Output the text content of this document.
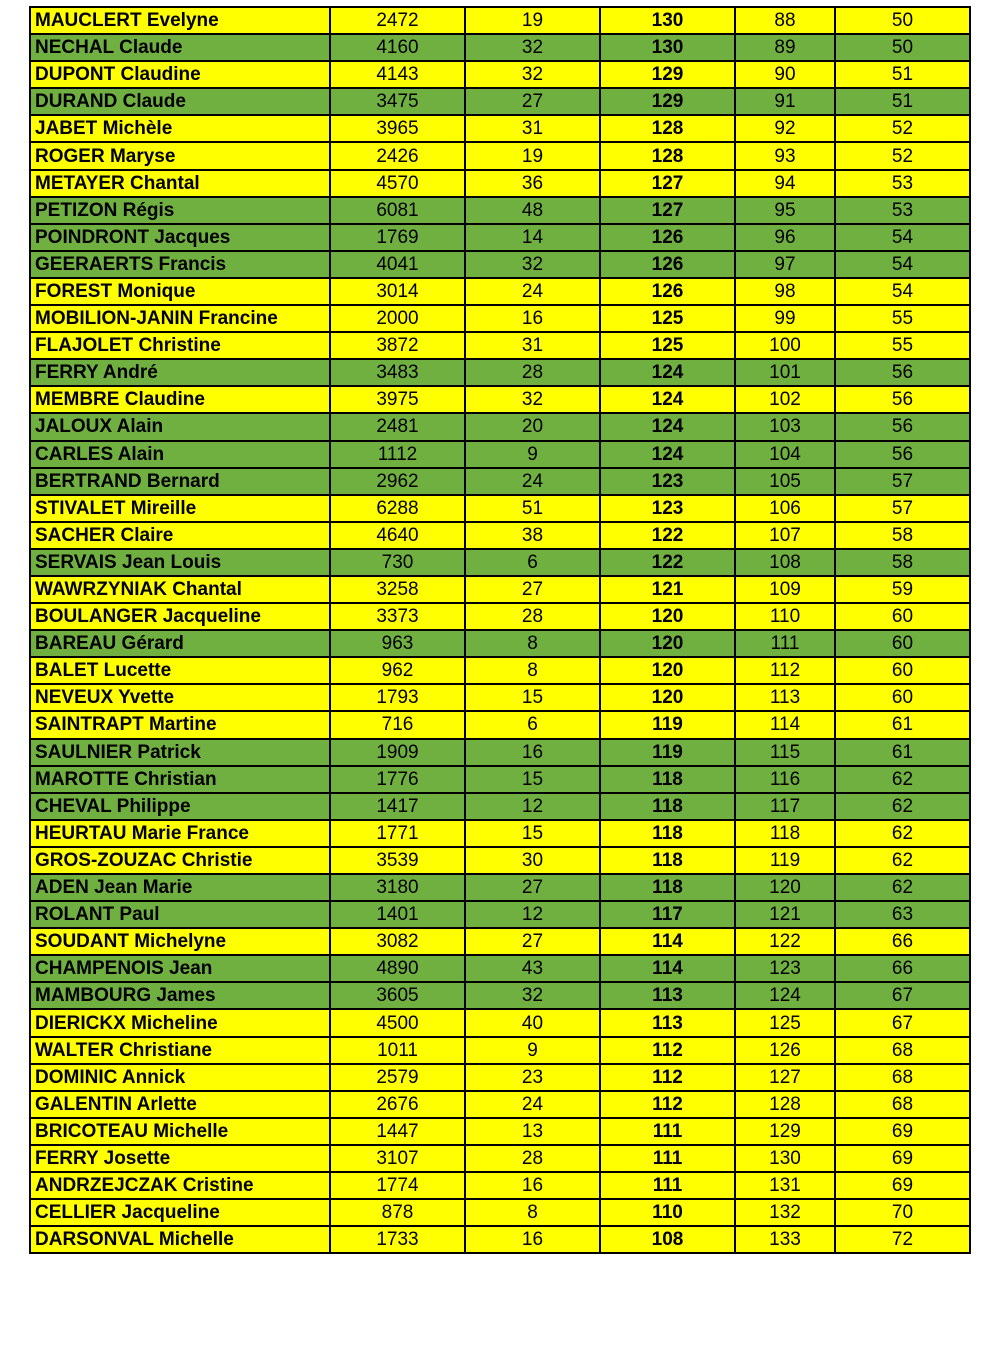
MAUCLERT Evelyne	2472	19	130	88	50
NECHAL Claude	4160	32	130	89	50
DUPONT Claudine	4143	32	129	90	51
DURAND Claude	3475	27	129	91	51
JABET Michèle	3965	31	128	92	52
ROGER Maryse	2426	19	128	93	52
METAYER Chantal	4570	36	127	94	53
PETIZON Régis	6081	48	127	95	53
POINDRONT Jacques	1769	14	126	96	54
GEERAERTS Francis	4041	32	126	97	54
FOREST Monique	3014	24	126	98	54
MOBILION-JANIN Francine	2000	16	125	99	55
FLAJOLET Christine	3872	31	125	100	55
FERRY André	3483	28	124	101	56
MEMBRE Claudine	3975	32	124	102	56
JALOUX Alain	2481	20	124	103	56
CARLES Alain	1112	9	124	104	56
BERTRAND Bernard	2962	24	123	105	57
STIVALET Mireille	6288	51	123	106	57
SACHER Claire	4640	38	122	107	58
SERVAIS Jean Louis	730	6	122	108	58
WAWRZYNIAK Chantal	3258	27	121	109	59
BOULANGER Jacqueline	3373	28	120	110	60
BAREAU Gérard	963	8	120	111	60
BALET Lucette	962	8	120	112	60
NEVEUX Yvette	1793	15	120	113	60
SAINTRAPT Martine	716	6	119	114	61
SAULNIER Patrick	1909	16	119	115	61
MAROTTE Christian	1776	15	118	116	62
CHEVAL Philippe	1417	12	118	117	62
HEURTAU Marie France	1771	15	118	118	62
GROS-ZOUZAC Christie	3539	30	118	119	62
ADEN Jean Marie	3180	27	118	120	62
ROLANT Paul	1401	12	117	121	63
SOUDANT Michelyne	3082	27	114	122	66
CHAMPENOIS Jean	4890	43	114	123	66
MAMBOURG James	3605	32	113	124	67
DIERICKX Micheline	4500	40	113	125	67
WALTER Christiane	1011	9	112	126	68
DOMINIC Annick	2579	23	112	127	68
GALENTIN Arlette	2676	24	112	128	68
BRICOTEAU Michelle	1447	13	111	129	69
FERRY Josette	3107	28	111	130	69
ANDRZEJCZAK Cristine	1774	16	111	131	69
CELLIER Jacqueline	878	8	110	132	70
DARSONVAL Michelle	1733	16	108	133	72
